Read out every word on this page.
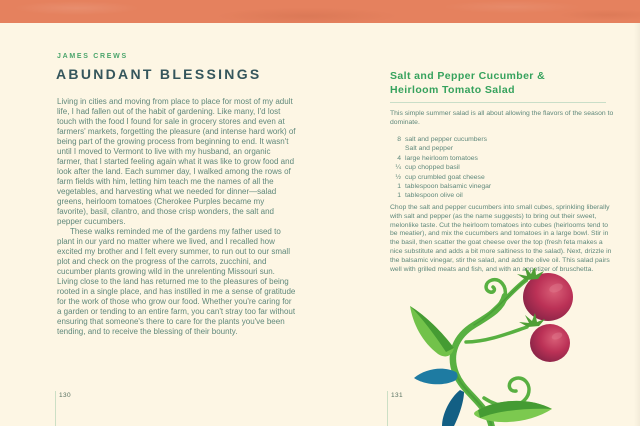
JAMES CREWS
ABUNDANT BLESSINGS

Living in cities and moving from place to place for most of my adult life, I had fallen out of the habit of gardening. Like many, I'd lost touch with the food I found for sale in grocery stores and even at farmers' markets, forgetting the pleasure (and intense hard work) of being part of the growing process from beginning to end. It wasn't until I moved to Vermont to live with my husband, an organic farmer, that I started feeling again what it was like to grow food and look after the land. Each summer day, I walked among the rows of farm fields with him, letting him teach me the names of all the vegetables, and harvesting what we needed for dinner—salad greens, heirloom tomatoes (Cherokee Purples became my favorite), basil, cilantro, and those crisp wonders, the salt and pepper cucumbers.

These walks reminded me of the gardens my father used to plant in our yard no matter where we lived, and I recalled how excited my brother and I felt every summer, to run out to our small plot and check on the progress of the carrots, zucchini, and cucumber plants growing wild in the unrelenting Missouri sun. Living close to the land has returned me to the pleasures of being rooted in a single place, and has instilled in me a sense of gratitude for the work of those who grow our food. Whether you're caring for a garden or tending to an entire farm, you can't stray too far without ensuring that someone's there to care for the plants you've been tending, and to receive the blessing of their bounty.

130
Salt and Pepper Cucumber &
Heirloom Tomato Salad
This simple summer salad is all about allowing the flavors of the season to dominate.
8 salt and pepper cucumbers
Salt and pepper
4 large heirloom tomatoes
¼ cup chopped basil
½ cup crumbled goat cheese
1 tablespoon balsamic vinegar
1 tablespoon olive oil
Chop the salt and pepper cucumbers into small cubes, sprinkling liberally with salt and pepper (as the name suggests) to bring out their sweet, melonlike taste. Cut the heirloom tomatoes into cubes (heirlooms tend to be meatier), and mix the cucumbers and tomatoes in a large bowl. Stir in the basil, then scatter the goat cheese over the top (fresh feta makes a nice substitute and adds a bit more saltiness to the salad). Next, drizzle in the balsamic vinegar, stir the salad, and add the olive oil. This salad pairs well with grilled meats and fish, and with an appetizer of bruschetta.
131
